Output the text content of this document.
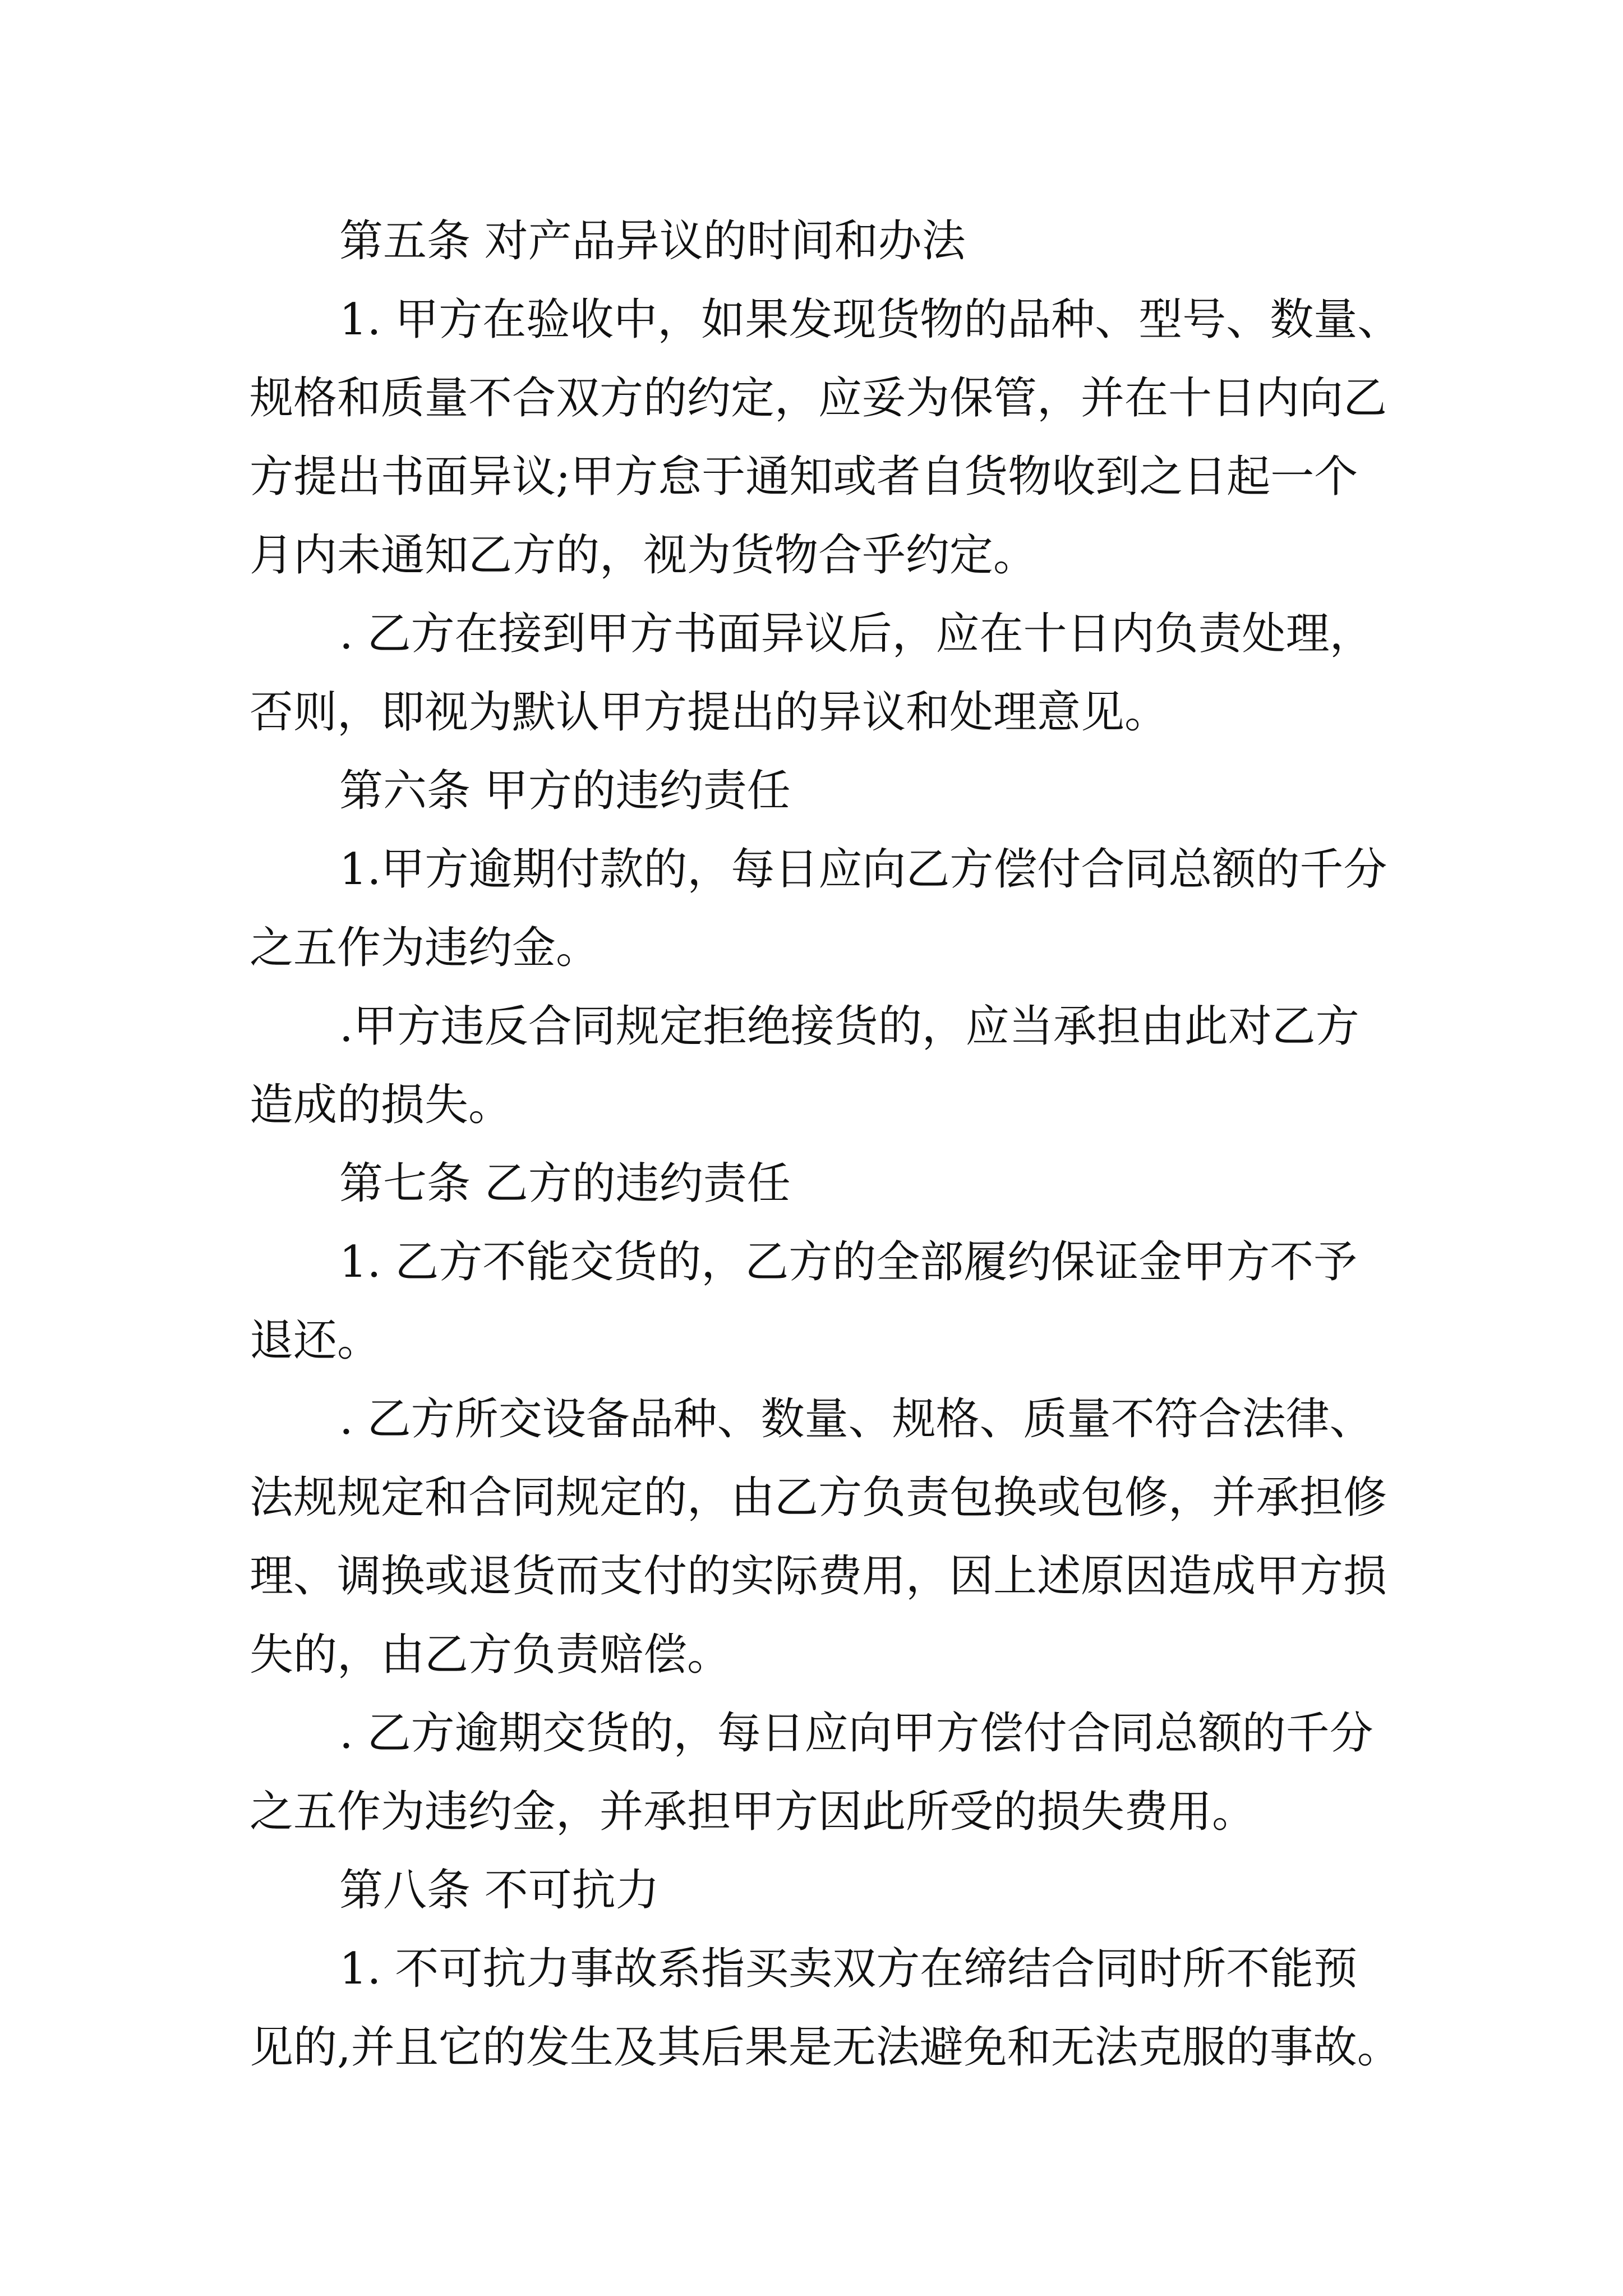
第五条 对产品异议的时间和办法

1. 甲方在验收中，如果发现货物的品种、型号、数量、

规格和质量不合双方的约定，应妥为保管，并在十日内向乙

方提出书面异议;甲方怠于通知或者自货物收到之日起一个

月内未通知乙方的，视为货物合乎约定。

. 乙方在接到甲方书面异议后，应在十日内负责处理，

否则，即视为默认甲方提出的异议和处理意见。

第六条 甲方的违约责任

1.甲方逾期付款的，每日应向乙方偿付合同总额的千分

之五作为违约金。

.甲方违反合同规定拒绝接货的，应当承担由此对乙方

造成的损失。

第七条 乙方的违约责任

1. 乙方不能交货的，乙方的全部履约保证金甲方不予

退还。

. 乙方所交设备品种、数量、规格、质量不符合法律、

法规规定和合同规定的，由乙方负责包换或包修，并承担修

理、调换或退货而支付的实际费用，因上述原因造成甲方损

失的，由乙方负责赔偿。

. 乙方逾期交货的，每日应向甲方偿付合同总额的千分

之五作为违约金，并承担甲方因此所受的损失费用。

第八条 不可抗力

1. 不可抗力事故系指买卖双方在缔结合同时所不能预

见的,并且它的发生及其后果是无法避免和无法克服的事故。
